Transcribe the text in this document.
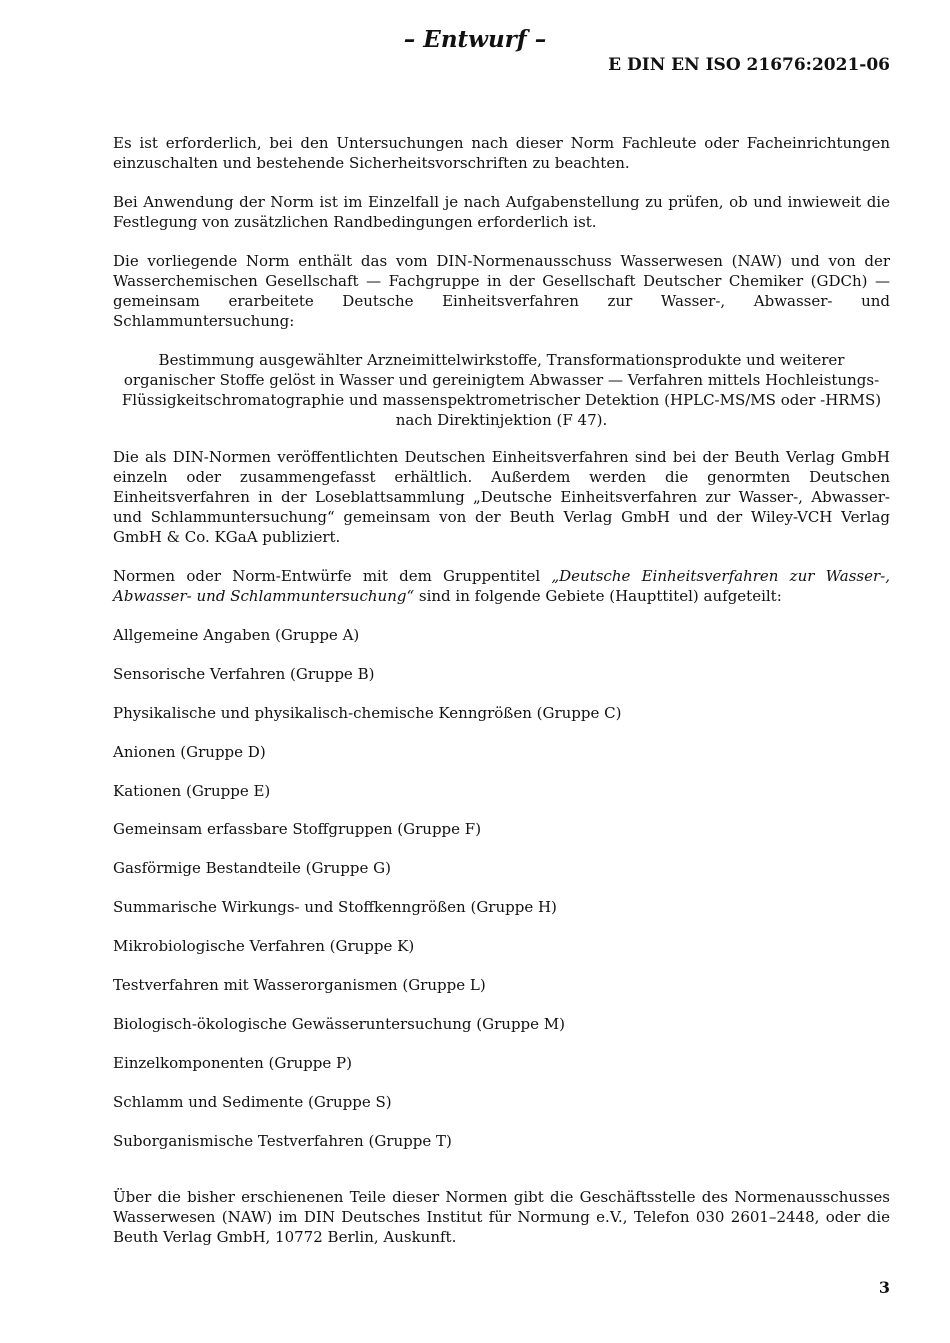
– Entwurf –
E DIN EN ISO 21676:2021-06

Es ist erforderlich, bei den Untersuchungen nach dieser Norm Fachleute oder Facheinrichtungen einzuschalten und bestehende Sicherheitsvorschriften zu beachten.

Bei Anwendung der Norm ist im Einzelfall je nach Aufgabenstellung zu prüfen, ob und inwieweit die Festlegung von zusätzlichen Randbedingungen erforderlich ist.

Die vorliegende Norm enthält das vom DIN-Normenausschuss Wasserwesen (NAW) und von der Wasserchemischen Gesellschaft — Fachgruppe in der Gesellschaft Deutscher Chemiker (GDCh) — gemeinsam erarbeitete Deutsche Einheitsverfahren zur Wasser-, Abwasser- und Schlammuntersuchung:

Bestimmung ausgewählter Arzneimittelwirkstoffe, Transformationsprodukte und weiterer organischer Stoffe gelöst in Wasser und gereinigtem Abwasser — Verfahren mittels Hochleistungs-Flüssigkeitschromatographie und massenspektrometrischer Detektion (HPLC-MS/MS oder -HRMS) nach Direktinjektion (F 47).

Die als DIN-Normen veröffentlichten Deutschen Einheitsverfahren sind bei der Beuth Verlag GmbH einzeln oder zusammengefasst erhältlich. Außerdem werden die genormten Deutschen Einheitsverfahren in der Loseblattsammlung „Deutsche Einheitsverfahren zur Wasser-, Abwasser- und Schlammuntersuchung“ gemeinsam von der Beuth Verlag GmbH und der Wiley-VCH Verlag GmbH & Co. KGaA publiziert.

Normen oder Norm-Entwürfe mit dem Gruppentitel „Deutsche Einheitsverfahren zur Wasser-, Abwasser- und Schlammuntersuchung“ sind in folgende Gebiete (Haupttitel) aufgeteilt:

Allgemeine Angaben (Gruppe A)
Sensorische Verfahren (Gruppe B)
Physikalische und physikalisch-chemische Kenngrößen (Gruppe C)
Anionen (Gruppe D)
Kationen (Gruppe E)
Gemeinsam erfassbare Stoffgruppen (Gruppe F)
Gasförmige Bestandteile (Gruppe G)
Summarische Wirkungs- und Stoffkenngrößen (Gruppe H)
Mikrobiologische Verfahren (Gruppe K)
Testverfahren mit Wasserorganismen (Gruppe L)
Biologisch-ökologische Gewässeruntersuchung (Gruppe M)
Einzelkomponenten (Gruppe P)
Schlamm und Sedimente (Gruppe S)
Suborganismische Testverfahren (Gruppe T)

Über die bisher erschienenen Teile dieser Normen gibt die Geschäftsstelle des Normenausschusses Wasserwesen (NAW) im DIN Deutsches Institut für Normung e.V., Telefon 030 2601–2448, oder die Beuth Verlag GmbH, 10772 Berlin, Auskunft.

3
